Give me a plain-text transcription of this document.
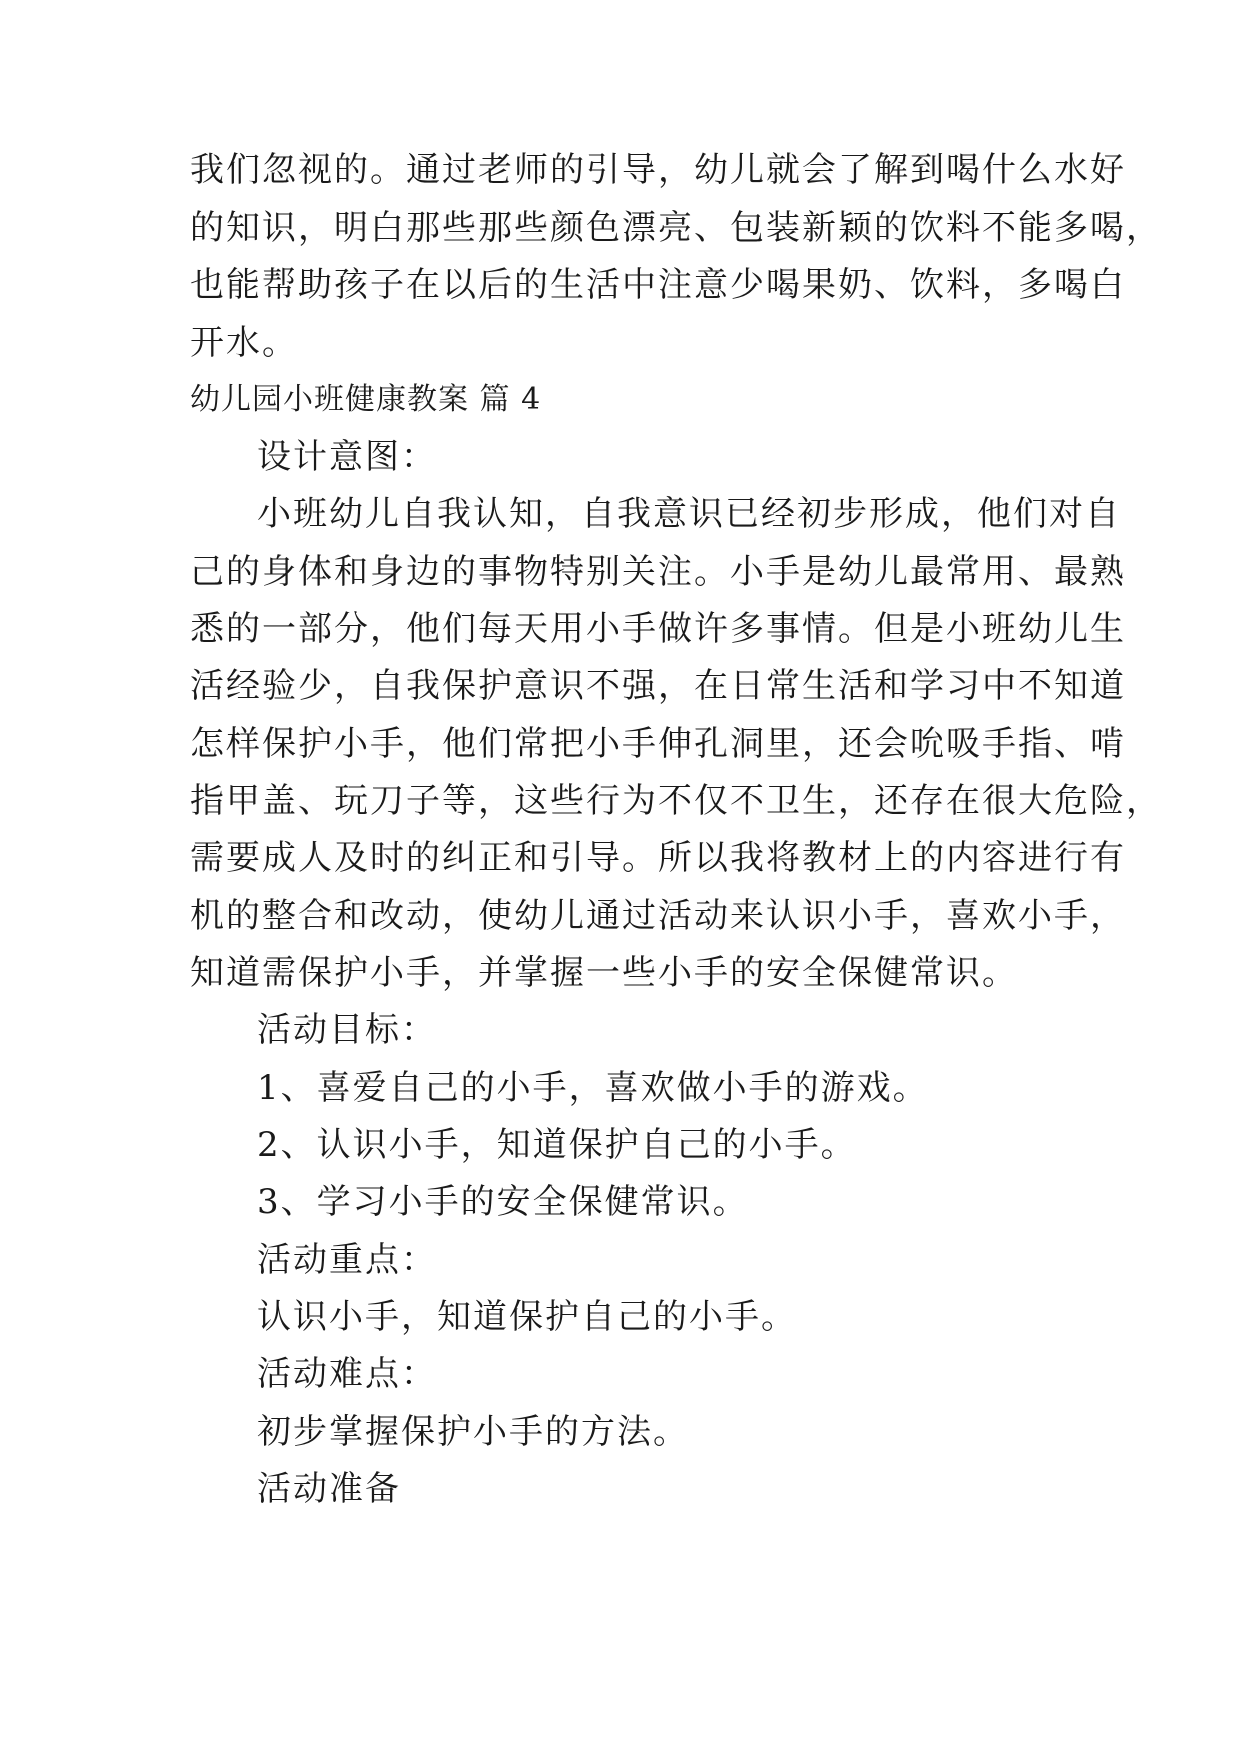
我们忽视的。通过老师的引导，幼儿就会了解到喝什么水好
的知识，明白那些那些颜色漂亮、包装新颖的饮料不能多喝，
也能帮助孩子在以后的生活中注意少喝果奶、饮料，多喝白
开水。
幼儿园小班健康教案 篇 4
设计意图：
小班幼儿自我认知，自我意识已经初步形成，他们对自
己的身体和身边的事物特别关注。小手是幼儿最常用、最熟
悉的一部分，他们每天用小手做许多事情。但是小班幼儿生
活经验少，自我保护意识不强，在日常生活和学习中不知道
怎样保护小手，他们常把小手伸孔洞里，还会吮吸手指、啃
指甲盖、玩刀子等，这些行为不仅不卫生，还存在很大危险，
需要成人及时的纠正和引导。所以我将教材上的内容进行有
机的整合和改动，使幼儿通过活动来认识小手，喜欢小手，
知道需保护小手，并掌握一些小手的安全保健常识。
活动目标：
1、喜爱自己的小手，喜欢做小手的游戏。
2、认识小手，知道保护自己的小手。
3、学习小手的安全保健常识。
活动重点：
认识小手，知道保护自己的小手。
活动难点：
初步掌握保护小手的方法。
活动准备
